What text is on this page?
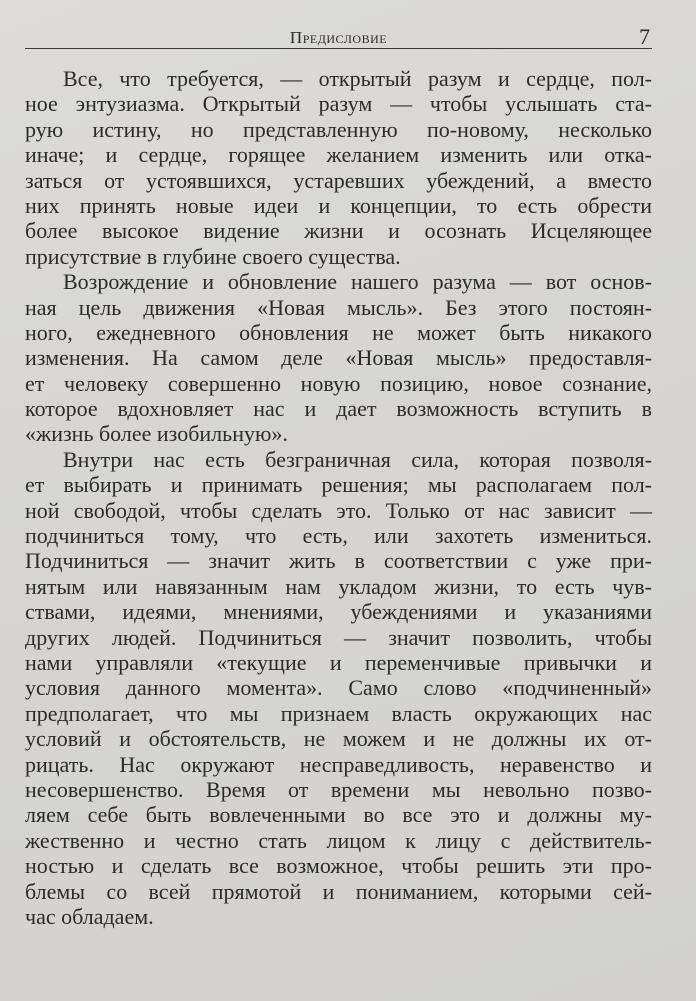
Предисловие	7
Все, что требуется, — открытый разум и сердце, пол-
ное энтузиазма. Открытый разум — чтобы услышать ста-
рую истину, но представленную по-новому, несколько
иначе; и сердце, горящее желанием изменить или отка-
заться от устоявшихся, устаревших убеждений, а вместо
них принять новые идеи и концепции, то есть обрести
более высокое видение жизни и осознать Исцеляющее
присутствие в глубине своего существа.
Возрождение и обновление нашего разума — вот основ-
ная цель движения «Новая мысль». Без этого постоян-
ного, ежедневного обновления не может быть никакого
изменения. На самом деле «Новая мысль» предоставля-
ет человеку совершенно новую позицию, новое сознание,
которое вдохновляет нас и дает возможность вступить в
«жизнь более изобильную».
Внутри нас есть безграничная сила, которая позволя-
ет выбирать и принимать решения; мы располагаем пол-
ной свободой, чтобы сделать это. Только от нас зависит —
подчиниться тому, что есть, или захотеть измениться.
Подчиниться — значит жить в соответствии с уже при-
нятым или навязанным нам укладом жизни, то есть чув-
ствами, идеями, мнениями, убеждениями и указаниями
других людей. Подчиниться — значит позволить, чтобы
нами управляли «текущие и переменчивые привычки и
условия данного момента». Само слово «подчиненный»
предполагает, что мы признаем власть окружающих нас
условий и обстоятельств, не можем и не должны их от-
рицать. Нас окружают несправедливость, неравенство и
несовершенство. Время от времени мы невольно позво-
ляем себе быть вовлеченными во все это и должны му-
жественно и честно стать лицом к лицу с действитель-
ностью и сделать все возможное, чтобы решить эти про-
блемы со всей прямотой и пониманием, которыми сей-
час обладаем.
